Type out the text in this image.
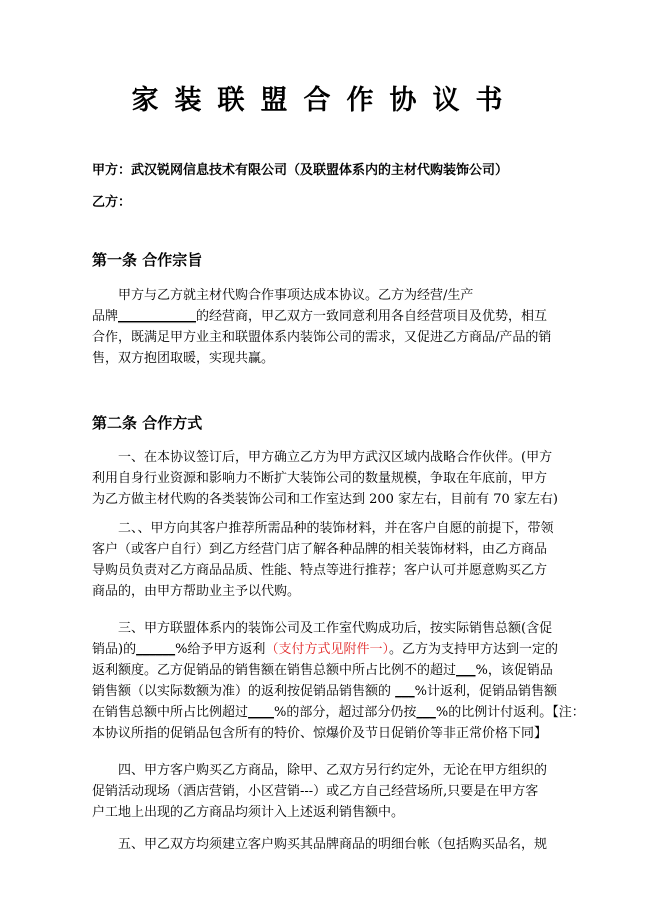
家装联盟合作协议书
甲方：武汉锐网信息技术有限公司（及联盟体系内的主材代购装饰公司）
乙方：
第一条 合作宗旨
甲方与乙方就主材代购合作事项达成本协议。乙方为经营/生产
品牌____________的经营商，甲乙双方一致同意利用各自经营项目及优势，相互
合作，既满足甲方业主和联盟体系内装饰公司的需求，又促进乙方商品/产品的销
售，双方抱团取暖，实现共赢。
第二条 合作方式
一、在本协议签订后，甲方确立乙方为甲方武汉区域内战略合作伙伴。(甲方
利用自身行业资源和影响力不断扩大装饰公司的数量规模，争取在年底前，甲方
为乙方做主材代购的各类装饰公司和工作室达到 200 家左右，目前有 70 家左右)
二、、甲方向其客户推荐所需品种的装饰材料，并在客户自愿的前提下，带领
客户（或客户自行）到乙方经营门店了解各种品牌的相关装饰材料，由乙方商品
导购员负责对乙方商品品质、性能、特点等进行推荐；客户认可并愿意购买乙方
商品的，由甲方帮助业主予以代购。
三、甲方联盟体系内的装饰公司及工作室代购成功后，按实际销售总额(含促
销品)的______%给予甲方返利（支付方式见附件一）。乙方为支持甲方达到一定的
返利额度。乙方促销品的销售额在销售总额中所占比例不的超过___%，该促销品
销售额（以实际数额为准）的返利按促销品销售额的 ___%计返利，促销品销售额
在销售总额中所占比例超过____%的部分，超过部分仍按___%的比例计付返利。【注：
本协议所指的促销品包含所有的特价、惊爆价及节日促销价等非正常价格下同】
四、甲方客户购买乙方商品，除甲、乙双方另行约定外，无论在甲方组织的
促销活动现场（酒店营销，小区营销---）或乙方自己经营场所,只要是在甲方客
户工地上出现的乙方商品均须计入上述返利销售额中。
五、甲乙双方均须建立客户购买其品牌商品的明细台帐（包括购买品名，规
